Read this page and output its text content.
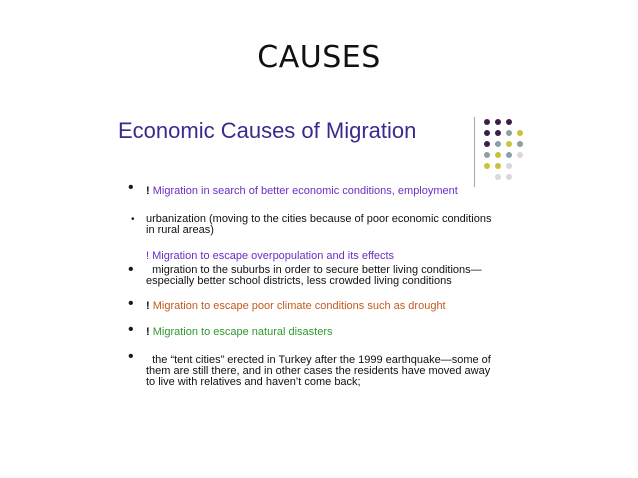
CAUSES
Economic Causes of Migration
• ! Migration in search of better economic conditions, employment
• urbanization (moving to the cities because of poor economic conditions
in rural areas)
! Migration to escape overpopulation and its effects
• migration to the suburbs in order to secure better living conditions—
especially better school districts, less crowded living conditions
• ! Migration to escape poor climate conditions such as drought
• ! Migration to escape natural disasters
• the “tent cities” erected in Turkey after the 1999 earthquake—some of
them are still there, and in other cases the residents have moved away
to live with relatives and haven’t come back;
